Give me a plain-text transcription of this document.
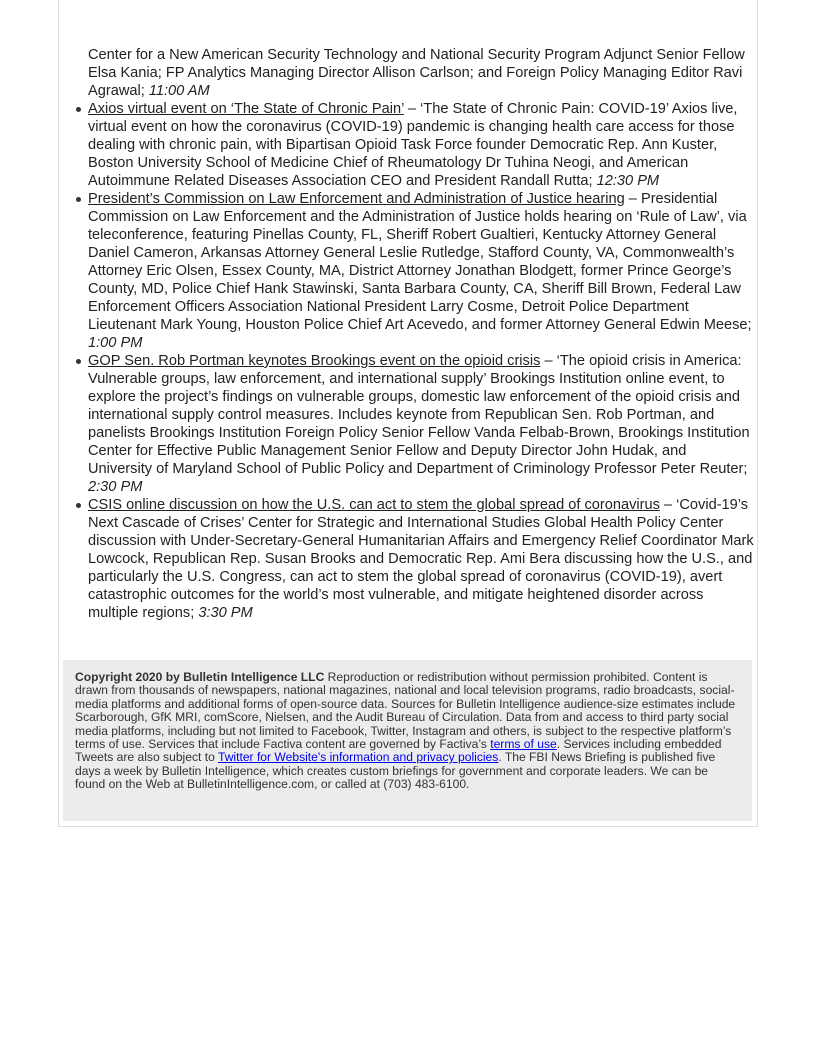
Center for a New American Security Technology and National Security Program Adjunct Senior Fellow Elsa Kania; FP Analytics Managing Director Allison Carlson; and Foreign Policy Managing Editor Ravi Agrawal; 11:00 AM
Axios virtual event on ‘The State of Chronic Pain’ – ‘The State of Chronic Pain: COVID-19’ Axios live, virtual event on how the coronavirus (COVID-19) pandemic is changing health care access for those dealing with chronic pain, with Bipartisan Opioid Task Force founder Democratic Rep. Ann Kuster, Boston University School of Medicine Chief of Rheumatology Dr Tuhina Neogi, and American Autoimmune Related Diseases Association CEO and President Randall Rutta; 12:30 PM
President’s Commission on Law Enforcement and Administration of Justice hearing – Presidential Commission on Law Enforcement and the Administration of Justice holds hearing on ‘Rule of Law’, via teleconference, featuring Pinellas County, FL, Sheriff Robert Gualtieri, Kentucky Attorney General Daniel Cameron, Arkansas Attorney General Leslie Rutledge, Stafford County, VA, Commonwealth’s Attorney Eric Olsen, Essex County, MA, District Attorney Jonathan Blodgett, former Prince George’s County, MD, Police Chief Hank Stawinski, Santa Barbara County, CA, Sheriff Bill Brown, Federal Law Enforcement Officers Association National President Larry Cosme, Detroit Police Department Lieutenant Mark Young, Houston Police Chief Art Acevedo, and former Attorney General Edwin Meese; 1:00 PM
GOP Sen. Rob Portman keynotes Brookings event on the opioid crisis – ‘The opioid crisis in America: Vulnerable groups, law enforcement, and international supply’ Brookings Institution online event, to explore the project’s findings on vulnerable groups, domestic law enforcement of the opioid crisis and international supply control measures. Includes keynote from Republican Sen. Rob Portman, and panelists Brookings Institution Foreign Policy Senior Fellow Vanda Felbab-Brown, Brookings Institution Center for Effective Public Management Senior Fellow and Deputy Director John Hudak, and University of Maryland School of Public Policy and Department of Criminology Professor Peter Reuter; 2:30 PM
CSIS online discussion on how the U.S. can act to stem the global spread of coronavirus – ‘Covid-19’s Next Cascade of Crises’ Center for Strategic and International Studies Global Health Policy Center discussion with Under-Secretary-General Humanitarian Affairs and Emergency Relief Coordinator Mark Lowcock, Republican Rep. Susan Brooks and Democratic Rep. Ami Bera discussing how the U.S., and particularly the U.S. Congress, can act to stem the global spread of coronavirus (COVID-19), avert catastrophic outcomes for the world’s most vulnerable, and mitigate heightened disorder across multiple regions; 3:30 PM
Copyright 2020 by Bulletin Intelligence LLC Reproduction or redistribution without permission prohibited. Content is drawn from thousands of newspapers, national magazines, national and local television programs, radio broadcasts, social-media platforms and additional forms of open-source data. Sources for Bulletin Intelligence audience-size estimates include Scarborough, GfK MRI, comScore, Nielsen, and the Audit Bureau of Circulation. Data from and access to third party social media platforms, including but not limited to Facebook, Twitter, Instagram and others, is subject to the respective platform’s terms of use. Services that include Factiva content are governed by Factiva’s terms of use. Services including embedded Tweets are also subject to Twitter for Website's information and privacy policies. The FBI News Briefing is published five days a week by Bulletin Intelligence, which creates custom briefings for government and corporate leaders. We can be found on the Web at BulletinIntelligence.com, or called at (703) 483-6100.
